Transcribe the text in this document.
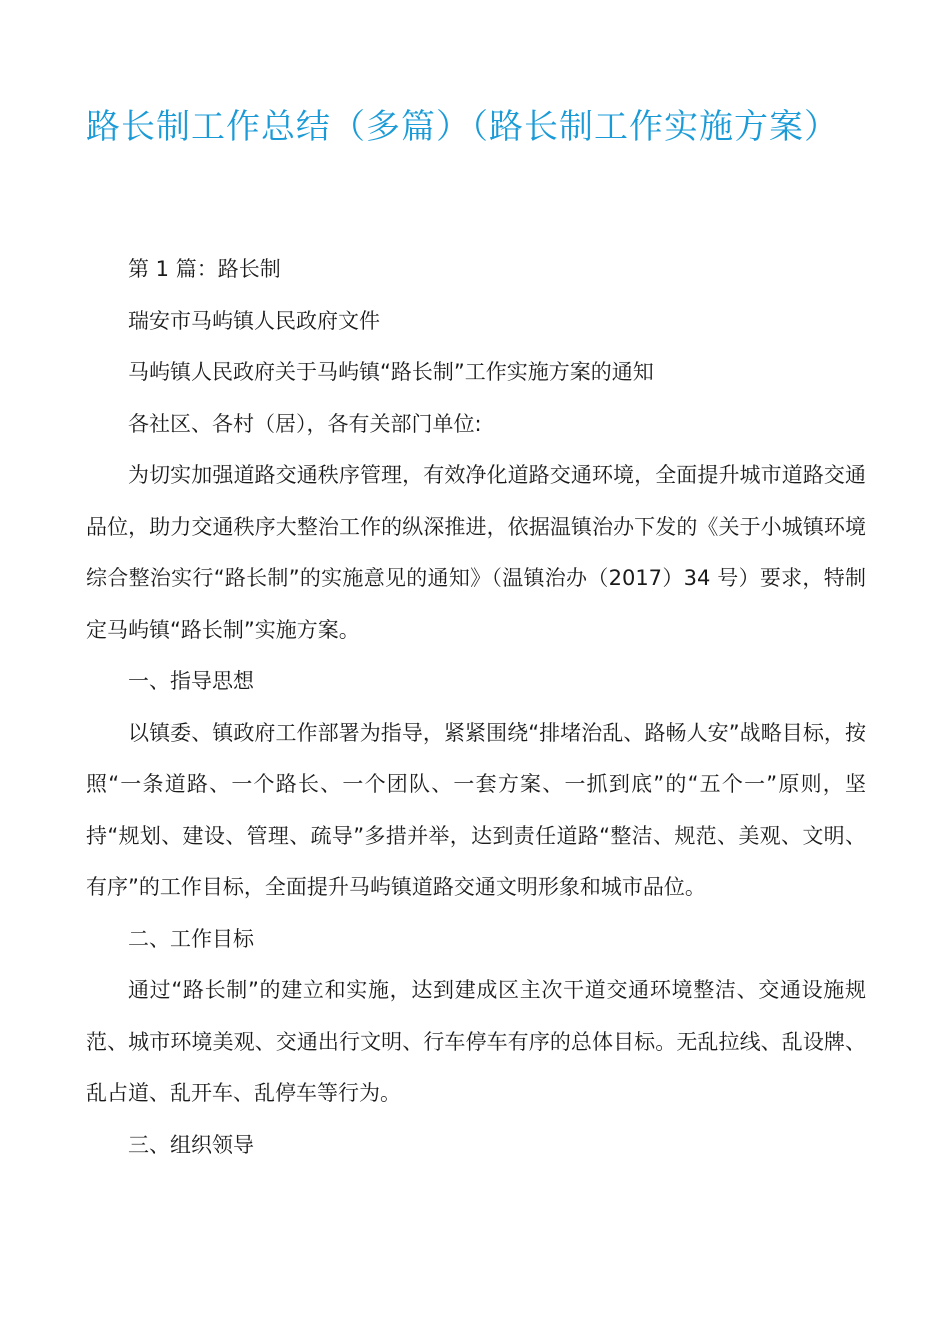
路长制工作总结（多篇）（路长制工作实施方案）

第 1 篇：路长制

瑞安市马屿镇人民政府文件

马屿镇人民政府关于马屿镇“路长制”工作实施方案的通知

各社区、各村（居），各有关部门单位:

为切实加强道路交通秩序管理，有效净化道路交通环境，全面提升城市道路交通品位，助力交通秩序大整治工作的纵深推进，依据温镇治办下发的《关于小城镇环境综合整治实行“路长制”的实施意见的通知》（温镇治办（2017）34 号）要求，特制定马屿镇“路长制”实施方案。

一、指导思想

以镇委、镇政府工作部署为指导，紧紧围绕“排堵治乱、路畅人安”战略目标，按照“一条道路、一个路长、一个团队、一套方案、一抓到底”的“五个一”原则，坚持“规划、建设、管理、疏导”多措并举，达到责任道路“整洁、规范、美观、文明、有序”的工作目标，全面提升马屿镇道路交通文明形象和城市品位。

二、工作目标

通过“路长制”的建立和实施，达到建成区主次干道交通环境整洁、交通设施规范、城市环境美观、交通出行文明、行车停车有序的总体目标。无乱拉线、乱设牌、乱占道、乱开车、乱停车等行为。

三、组织领导
